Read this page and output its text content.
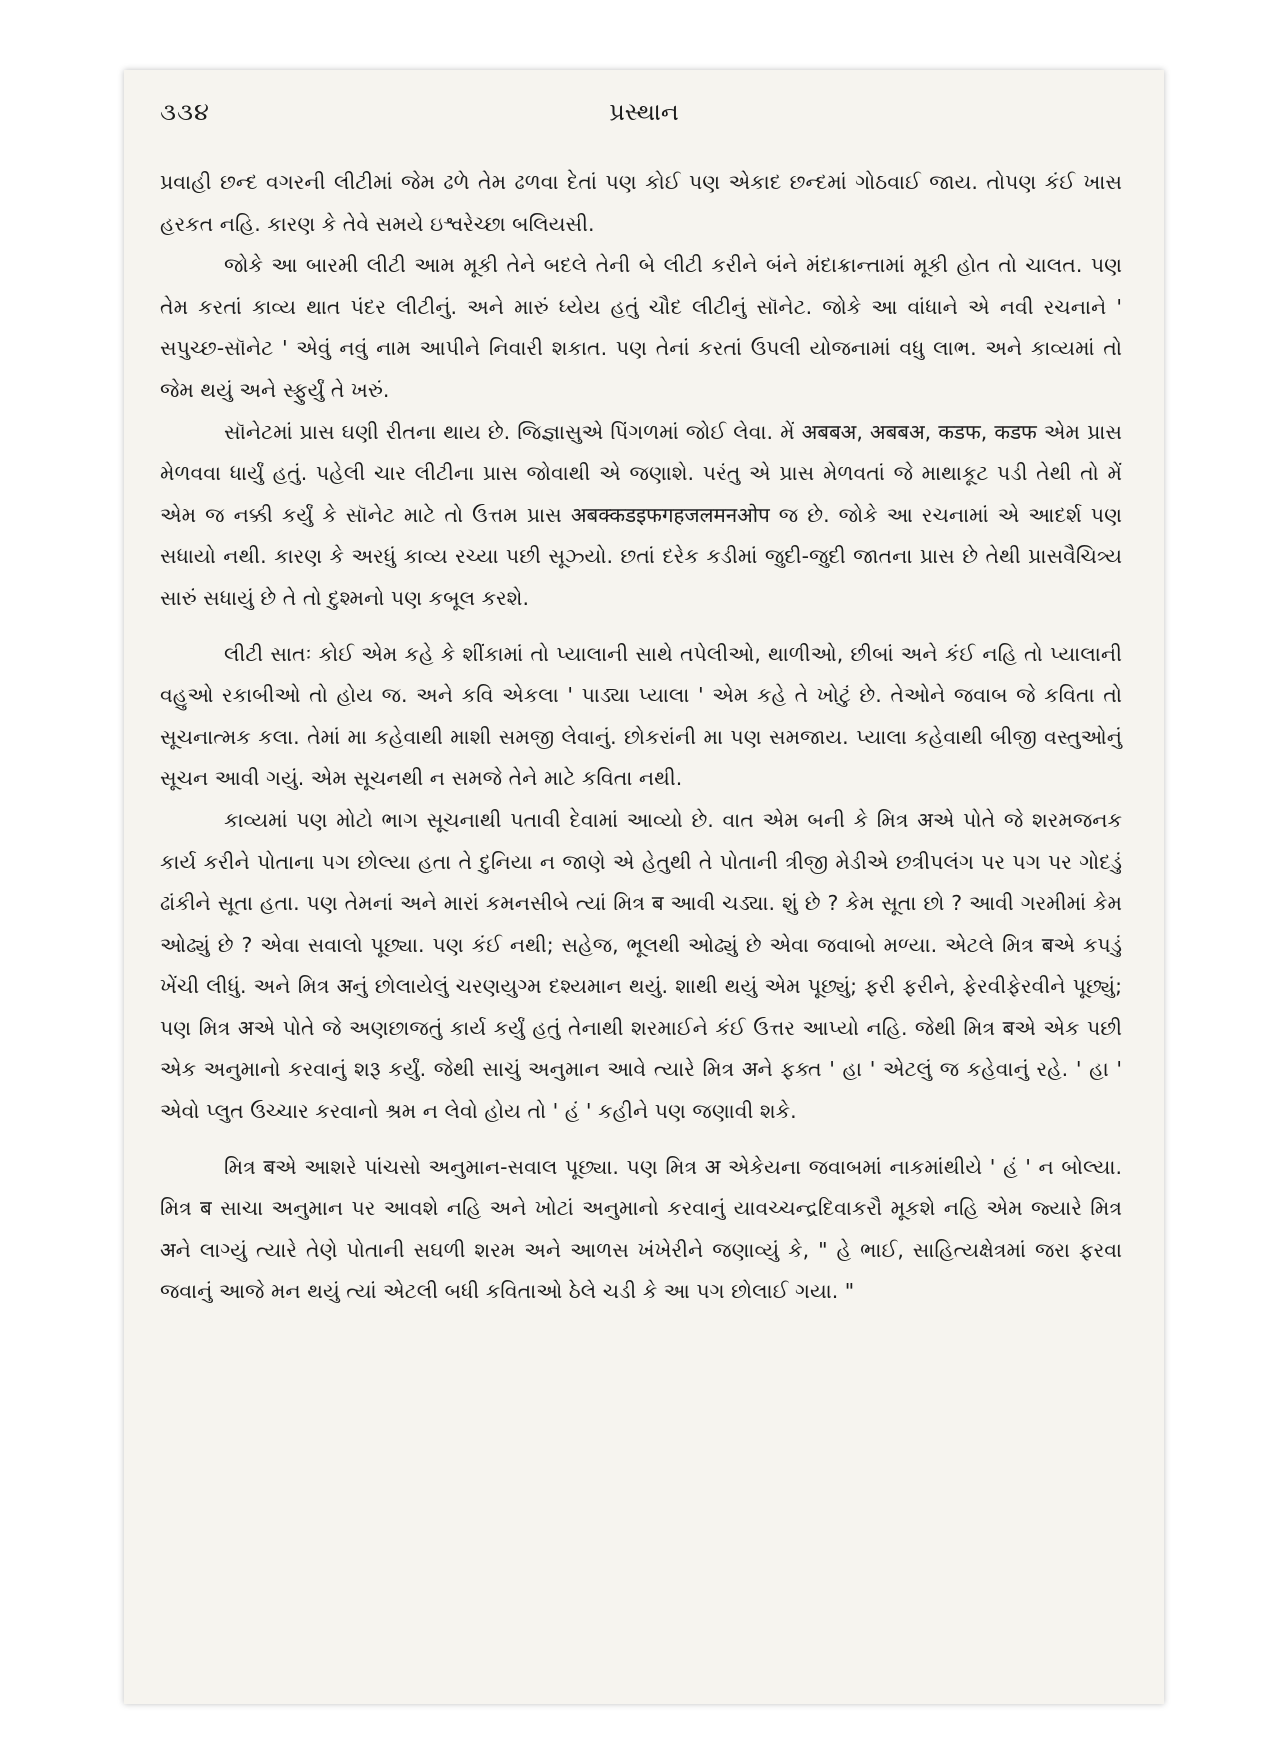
૩૩૪	પ્રસ્થાન

પ્રવાહી છન્દ વગરની લીટીમાં જેમ ઢળે તેમ ઢળવા દેતાં પણ કોઈ પણ એકાદ છન્દમાં ગોઠવાઈ જાય. તોપણ કંઈ ખાસ હરકત નહિ. કારણ કે તેવે સમયે ઇશ્વરેચ્છા બલિયસી.

જોકે આ બારમી લીટી આમ મૂકી તેને બદલે તેની બે લીટી કરીને બંને મંદાક્રાન્તામાં મૂકી હોત તો ચાલત. પણ તેમ કરતાં કાવ્ય થાત પંદર લીટીનું. અને મારું ધ્યેય હતું ચૌદ લીટીનું સૉનેટ. જોકે આ વાંધાને એ નવી રચનાને ' સપુચ્છ-સૉનેટ ' એવું નવું નામ આપીને નિવારી શકાત. પણ તેનાં કરતાં ઉપલી યોજનામાં વધુ લાભ. અને કાવ્યમાં તો જેમ થયું અને સ્ફુર્યું તે ખરું.

સૉનેટમાં પ્રાસ ઘણી રીતના થાય છે. જિજ્ઞાસુએ પિંગળમાં જોઈ લેવા. મેં अबबअ, अबबअ, कडफ, कडफ એમ પ્રાસ મેળવવા ધાર્યું હતું. પહેલી ચાર લીટીના પ્રાસ જોવાથી એ જણાશે. પરંતુ એ પ્રાસ મેળવતાં જે માથાકૂટ પડી તેથી તો મેં એમ જ નક્કી કર્યું કે સૉનેટ માટે તો ઉત્તમ પ્રાસ अबक्कडइफगहजलमनओप જ છે. જોકે આ રચનામાં એ આદર્શ પણ સધાયો નથી. કારણ કે અરધું કાવ્ય રચ્યા પછી સૂઝ્યો. છતાં દરેક કડીમાં જુદી-જુદી જાતના પ્રાસ છે તેથી પ્રાસવૈચિત્ર્ય સારું સધાયું છે તે તો દુશ્મનો પણ કબૂલ કરશે.

લીટી સાતઃ કોઈ એમ કહે કે શીંકામાં તો પ્યાલાની સાથે તપેલીઓ, થાળીઓ, છીબાં અને કંઈ નહિ તો પ્યાલાની વહુઓ રકાબીઓ તો હોય જ. અને કવિ એકલા ' પાડ્યા પ્યાલા ' એમ કહે તે ખોટું છે. તેઓને જવાબ જે કવિતા તો સૂચનાત્મક કલા. તેમાં મા કહેવાથી માશી સમજી લેવાનું. છોકરાંની મા પણ સમજાય. પ્યાલા કહેવાથી બીજી વસ્તુઓનું સૂચન આવી ગયું. એમ સૂચનથી ન સમજે તેને માટે કવિતા નથી.

કાવ્યમાં પણ મોટો ભાગ સૂચનાથી પતાવી દેવામાં આવ્યો છે. વાત એમ બની કે મિત્ર अએ પોતે જે શરમજનક કાર્ય કરીને પોતાના પગ છોલ્યા હતા તે દુનિયા ન જાણે એ હેતુથી તે પોતાની ત્રીજી મેડીએ છત્રીપલંગ પર પગ પર ગોદડું ઢાંકીને સૂતા હતા. પણ તેમનાં અને મારાં કમનસીબે ત્યાં મિત્ર ब આવી ચડ્યા. શું છે ? કેમ સૂતા છો ? આવી ગરમીમાં કેમ ઓઢ્યું છે ? એવા સવાલો પૂછ્યા. પણ કંઈ નથી; સહેજ, ભૂલથી ઓઢ્યું છે એવા જવાબો મળ્યા. એટલે મિત્ર बએ કપડું ખેંચી લીધું. અને મિત્ર अનું છોલાયેલું ચરણયુગ્મ દશ્યમાન થયું. શાથી થયું એમ પૂછ્યું; ફરી ફરીને, ફેરવીફેરવીને પૂછ્યું; પણ મિત્ર अએ પોતે જે અણછાજતું કાર્ય કર્યું હતું તેનાથી શરમાઈને કંઈ ઉત્તર આપ્યો નહિ. જેથી મિત્ર बએ એક પછી એક અનુમાનો કરવાનું શરૂ કર્યું. જેથી સાચું અનુમાન આવે ત્યારે મિત્ર अને ફક્ત ' હા ' એટલું જ કહેવાનું રહે. ' હા ' એવો પ્લુત ઉચ્ચાર કરવાનો શ્રમ ન લેવો હોય તો ' હં ' કહીને પણ જણાવી શકે.

મિત્ર बએ આશરે પાંચસો અનુમાન-સવાલ પૂછ્યા. પણ મિત્ર अ એકેયના જવાબમાં નાકમાંથીયે ' હં ' ન બોલ્યા. મિત્ર ब સાચા અનુમાન પર આવશે નહિ અને ખોટાં અનુમાનો કરવાનું યાવચ્ચન્દ્રદિવાકરૌ મૂકશે નહિ એમ જ્યારે મિત્ર अને લાગ્યું ત્યારે તેણે પોતાની સઘળી શરમ અને આળસ ખંખેરીને જણાવ્યું કે, " હે ભાઈ, સાહિત્યક્ષેત્રમાં જરા ફરવા જવાનું આજે મન થયું ત્યાં એટલી બધી કવિતાઓ ઠેલે ચડી કે આ પગ છોલાઈ ગયા. "
